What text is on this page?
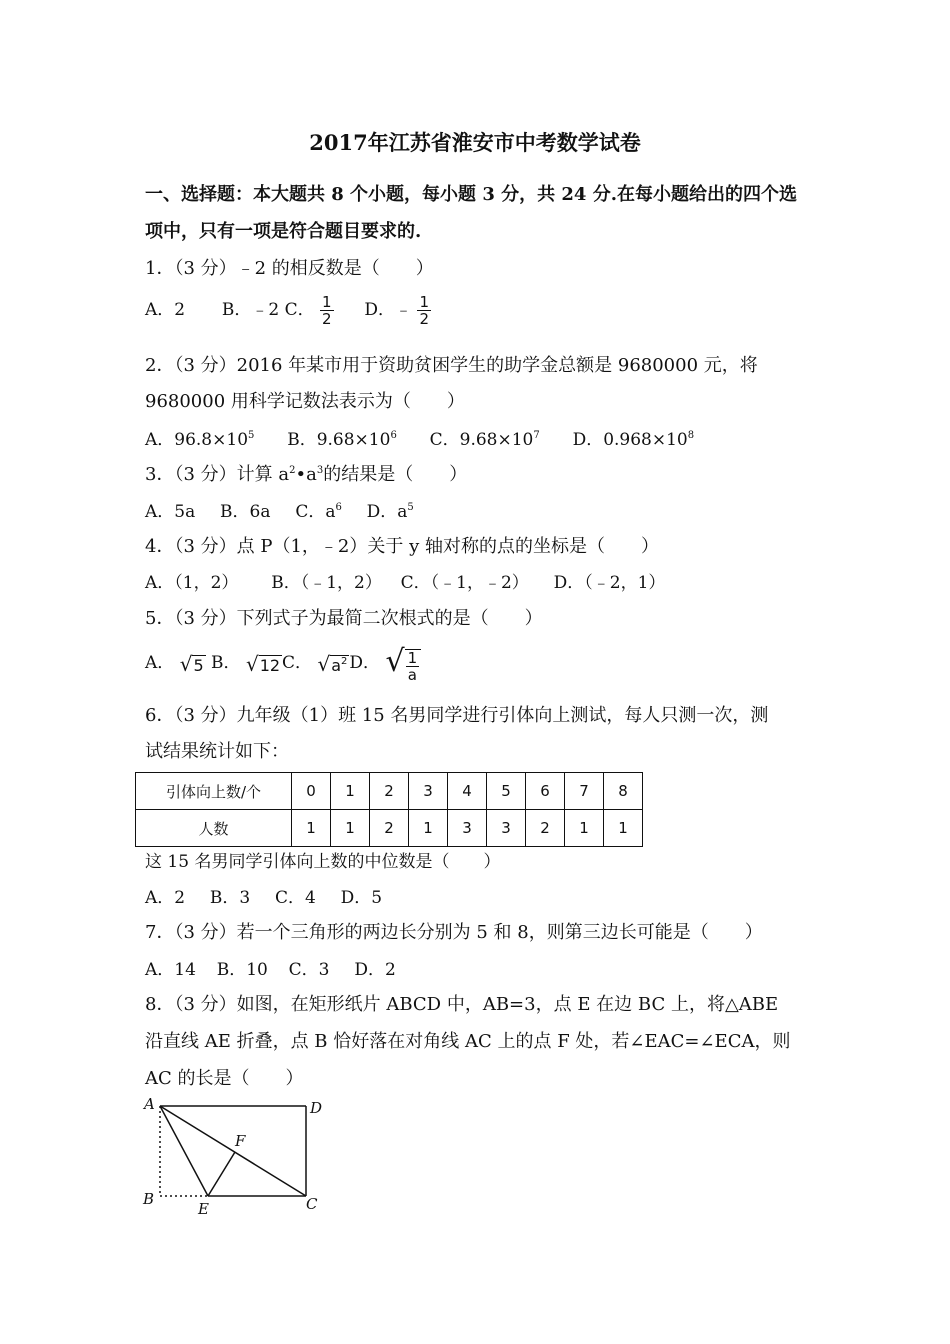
2017年江苏省淮安市中考数学试卷
一、选择题：本大题共 8 个小题，每小题 3 分，共 24 分.在每小题给出的四个选
项中，只有一项是符合题目要求的.
1．（3 分）﹣2 的相反数是（　　）
A．2 B．﹣2 C． $\frac{1}{2}$ D．﹣ $\frac{1}{2}$
2．（3 分）2016 年某市用于资助贫困学生的助学金总额是 9680000 元，将
9680000 用科学记数法表示为（　　）
A．$96.8\times 10^5$ B．$9.68\times 10^6$ C．$9.68\times 10^7$ D．$0.968\times 10^8$
3．（3 分）计算 $a^2•a^3$的结果是（　　）
A．5a B．6a C．$a^6$ D．$a^5$
4．（3 分）点 P（1，﹣2）关于 y 轴对称的点的坐标是（　　）
A．（1，2） B．（﹣1，2） C．（﹣1，﹣2） D．（﹣2，1）
5．（3 分）下列式子为最简二次根式的是（　　）
A． √5 B． √12 C． $√a^2$ D． √ $\frac{1}{a}$
6．（3 分）九年级（1）班 15 名男同学进行引体向上测试，每人只测一次，测
试结果统计如下：
引体向上数/个	0	1	2	3	4	5	6	7	8
人数	1	1	2	1	3	3	2	1	1
这 15 名男同学引体向上数的中位数是（　　）
A．2 B．3 C．4 D．5
7．（3 分）若一个三角形的两边长分别为 5 和 8，则第三边长可能是（　　）
A．14 B．10 C．3 D．2
8．（3 分）如图，在矩形纸片 ABCD 中，AB=3，点 E 在边 BC 上，将△ABE
沿直线 AE 折叠，点 B 恰好落在对角线 AC 上的点 F 处，若∠EAC=∠ECA，则
AC 的长是（　　）
A	D
F
B
E	C
